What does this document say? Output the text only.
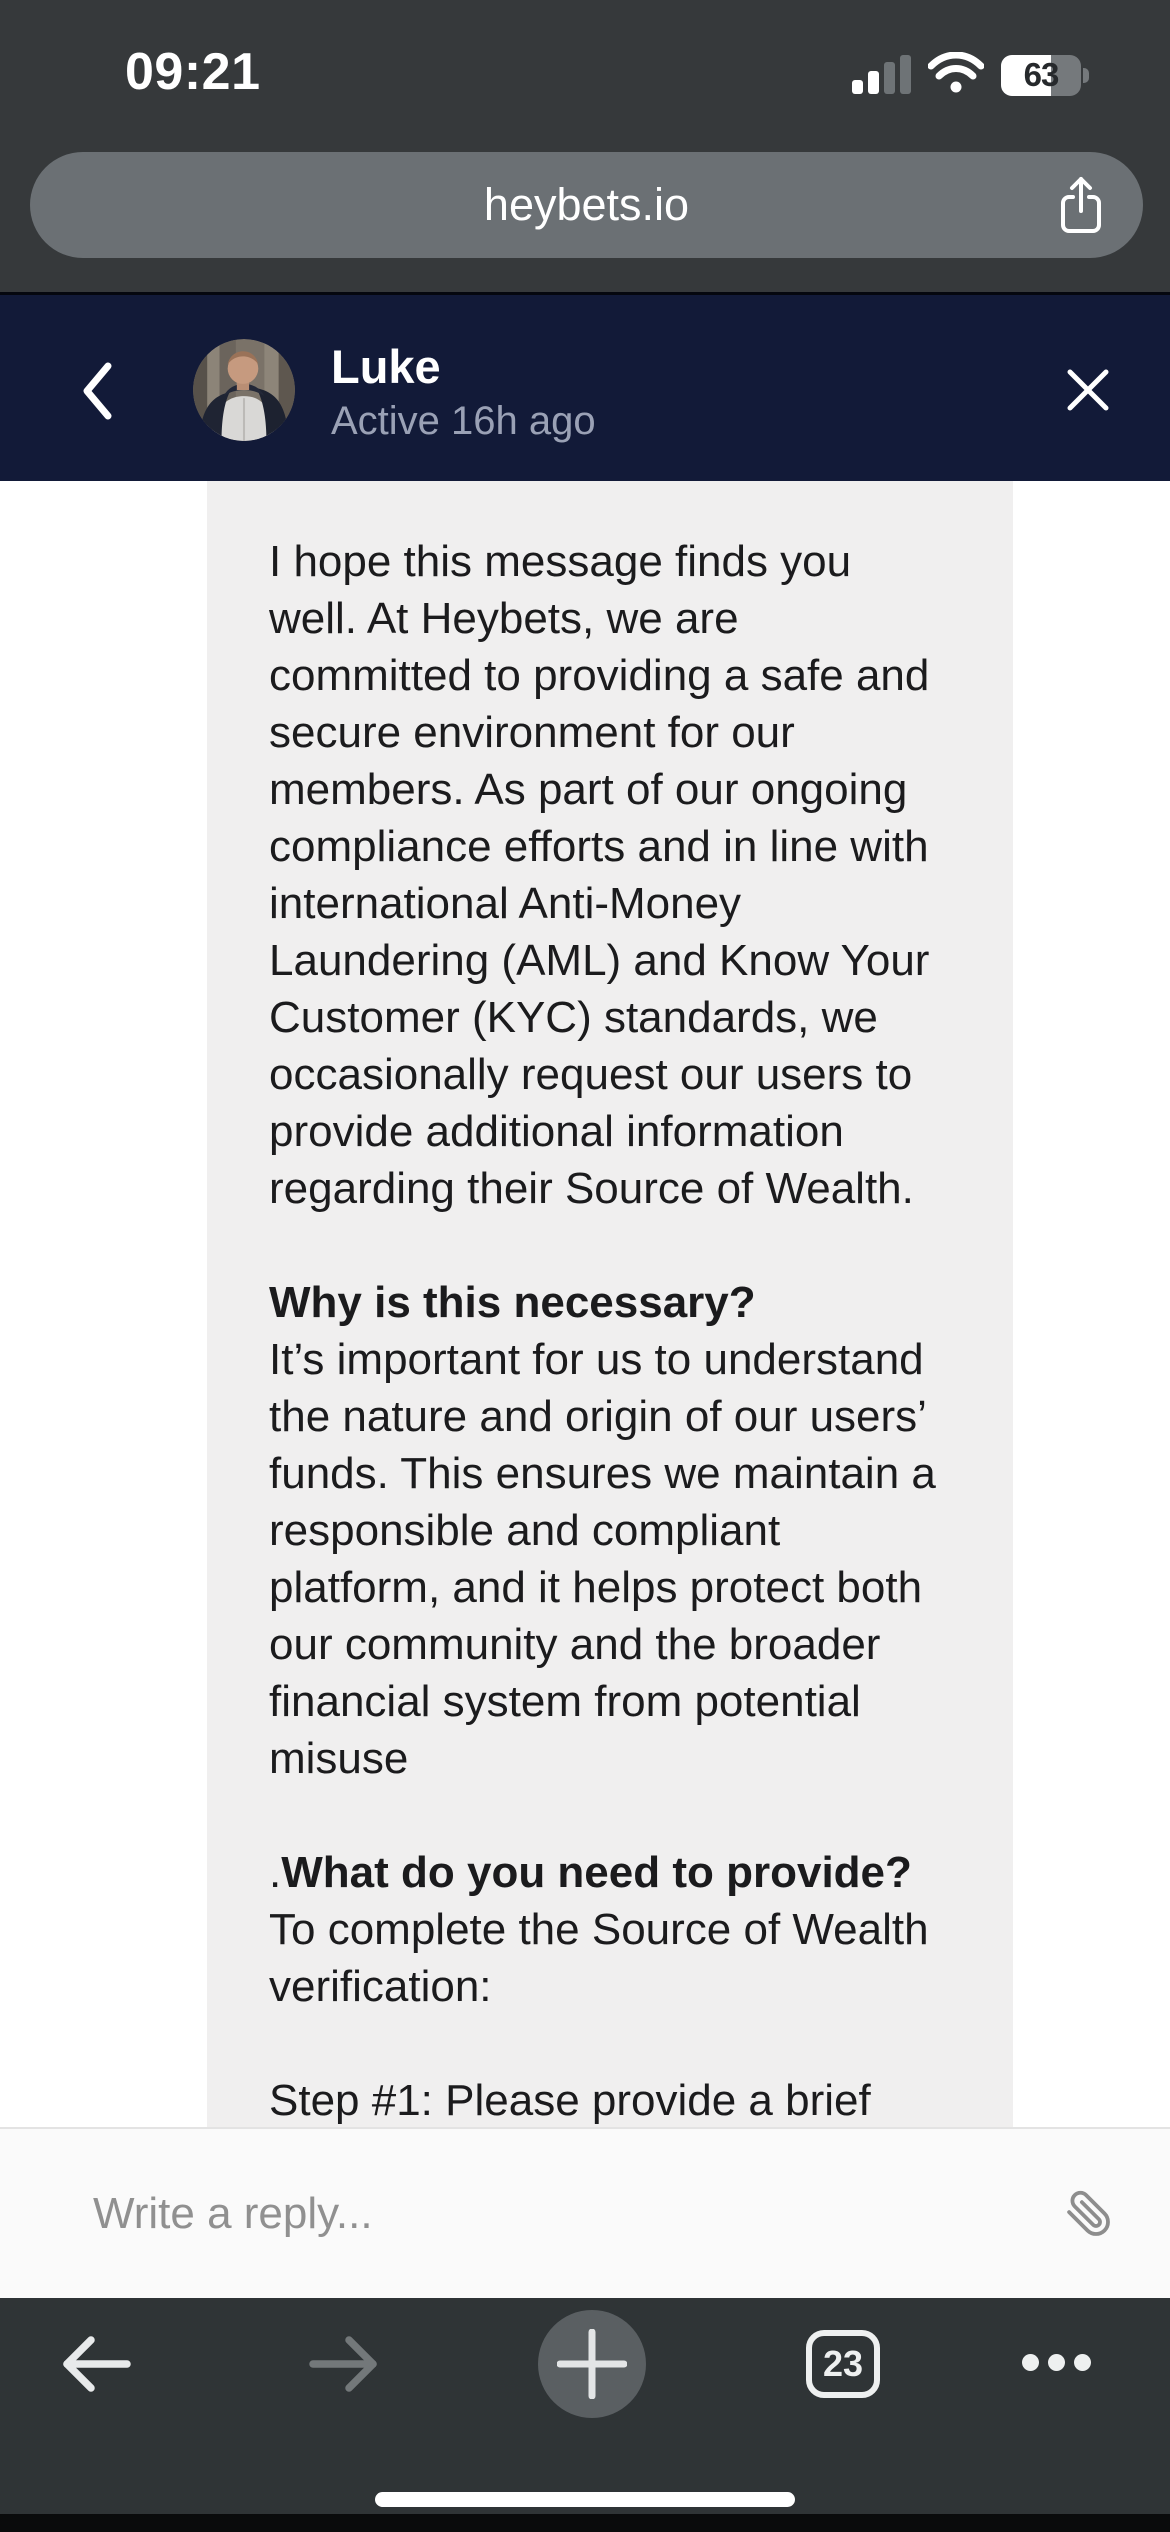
09:21	63
heybets.io
Luke
Active 16h ago

I hope this message finds you well. At Heybets, we are committed to providing a safe and secure environment for our members. As part of our ongoing compliance efforts and in line with international Anti-Money Laundering (AML) and Know Your Customer (KYC) standards, we occasionally request our users to provide additional information regarding their Source of Wealth.

Why is this necessary?

It’s important for us to understand the nature and origin of our users’ funds. This ensures we maintain a responsible and compliant platform, and it helps protect both our community and the broader financial system from potential misuse

.What do you need to provide?

To complete the Source of Wealth verification:

Step #1: Please provide a brief

Write a reply...
23
